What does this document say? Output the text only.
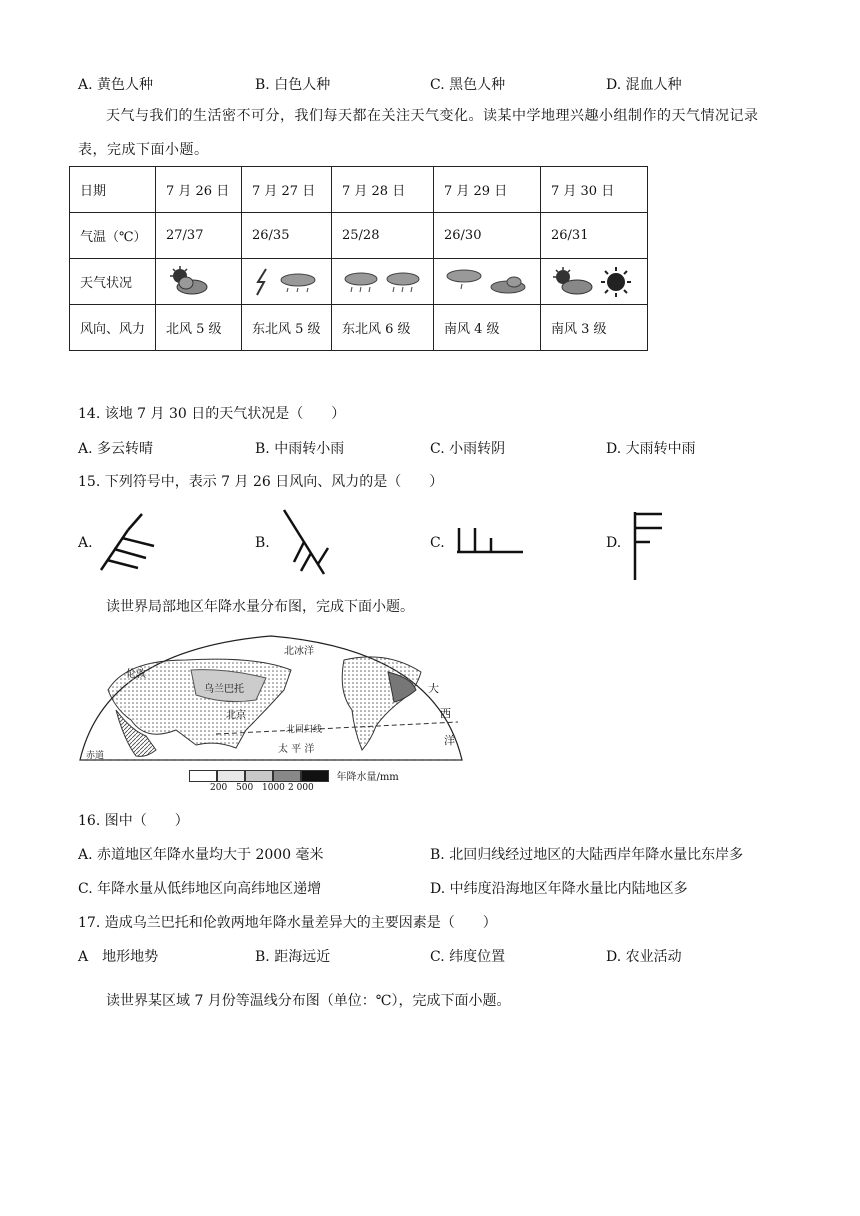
A. 黄色人种	B. 白色人种	C. 黑色人种	D. 混血人种
天气与我们的生活密不可分，我们每天都在关注天气变化。读某中学地理兴趣小组制作的天气情况记录表，完成下面小题。
日期	7 月 26 日	7 月 27 日	7 月 28 日	7 月 29 日	7 月 30 日
气温（℃）	27/37	26/35	25/28	26/30	26/31
天气状况					
风向、风力	北风 5 级	东北风 5 级	东北风 6 级	南风 4 级	南风 3 级
14. 该地 7 月 30 日的天气状况是（　　）
A. 多云转晴	B. 中雨转小雨	C. 小雨转阴	D. 大雨转中雨
15. 下列符号中，表示 7 月 26 日风向、风力的是（　　）
A.	B.	C.	D.
读世界局部地区年降水量分布图，完成下面小题。
北冰洋
伦敦
乌兰巴托
北京
北回归线
太 平 洋
赤道
大
西
洋
年降水量/mm
200 500 1000 2 000
16. 图中（　　）
A. 赤道地区年降水量均大于 2000 毫米	B. 北回归线经过地区的大陆西岸年降水量比东岸多
C. 年降水量从低纬地区向高纬地区递增	D. 中纬度沿海地区年降水量比内陆地区多
17. 造成乌兰巴托和伦敦两地年降水量差异大的主要因素是（　　）
A　地形地势	B. 距海远近	C. 纬度位置	D. 农业活动
读世界某区域 7 月份等温线分布图（单位：℃），完成下面小题。
